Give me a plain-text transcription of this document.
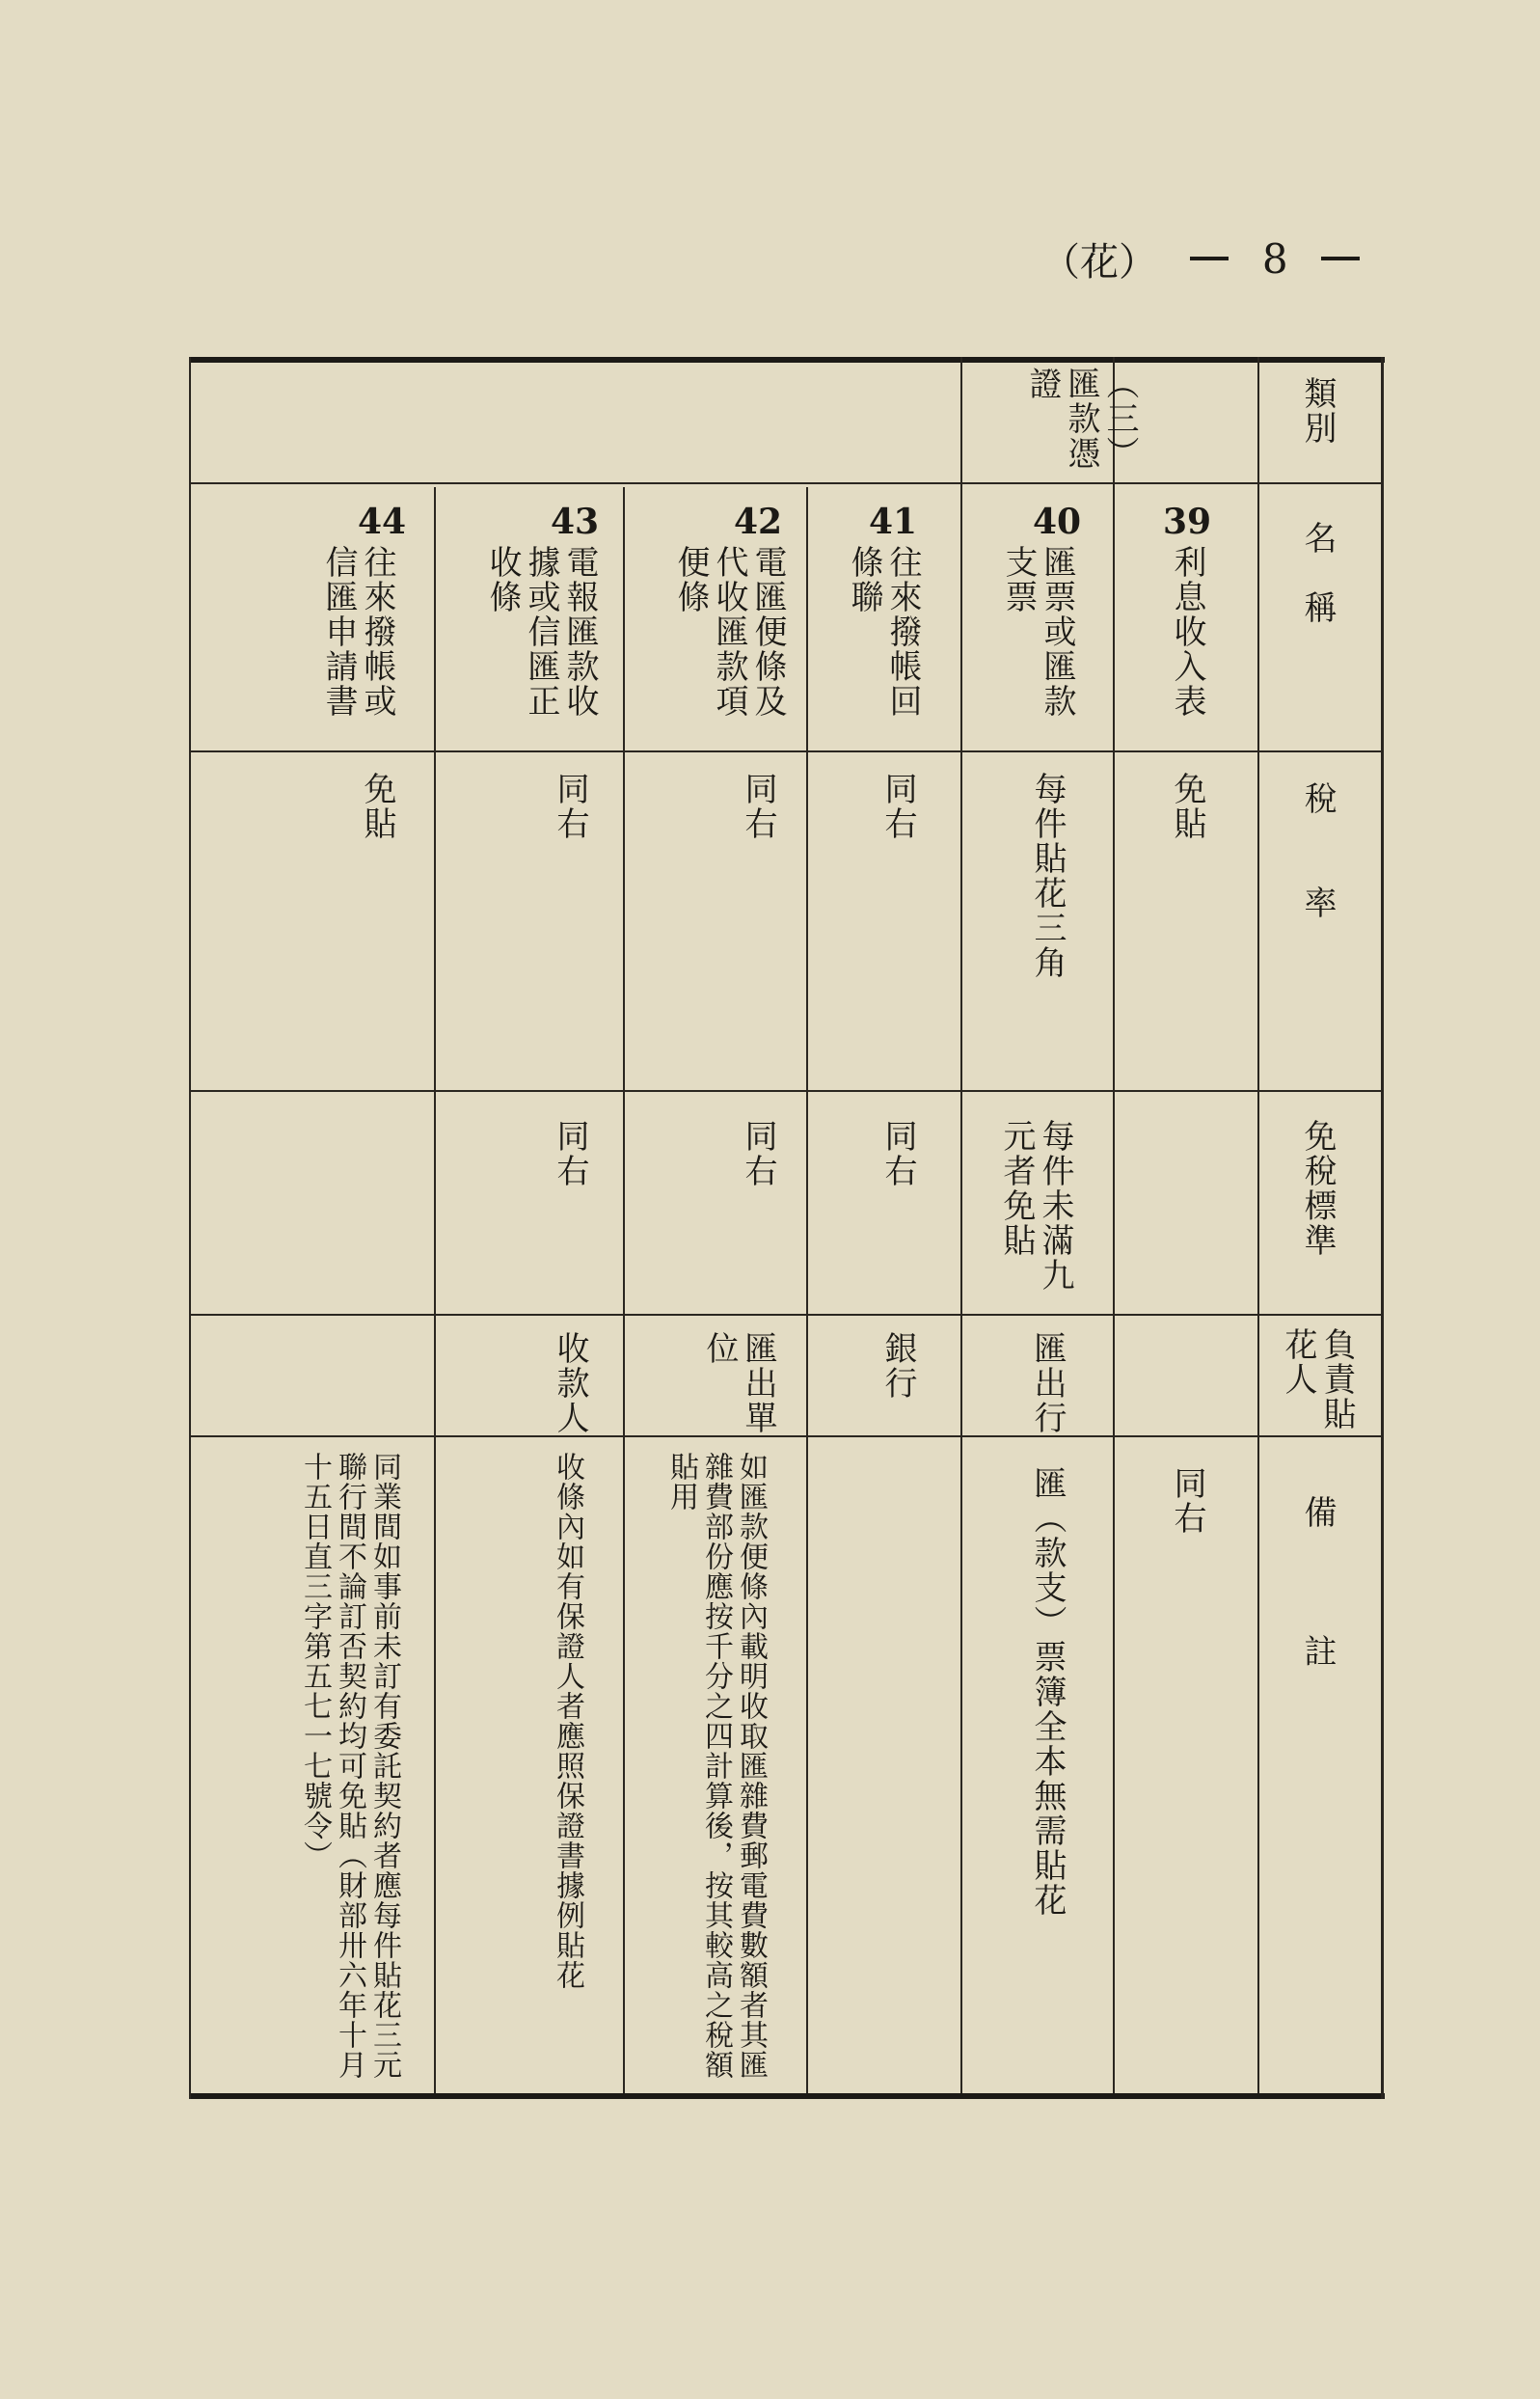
（花）	8
類別
名　稱
稅　　率
免稅標準
負責貼花人
備　　　註
（三）匯款憑證
39
利息收入表
免貼
同右
40
匯票或匯款支票
每件貼花三角
每件未滿九元者免貼
匯出行
匯（款支）票簿全本無需貼花
41
往來撥帳回條聯
同右
同右
銀行
42
電匯便條及代收匯款項便條
同右
同右
匯出單位
如匯款便條內載明收取匯雜費郵電費數額者其匯雜費部份應按千分之四計算後，按其較高之稅額貼用
43
電報匯款收據或信匯正收條
同右
同右
收款人
收條內如有保證人者應照保證書據例貼花
44
往來撥帳或信匯申請書
免貼
同業間如事前未訂有委託契約者應每件貼花三元聯行間不論訂否契約均可免貼（財部卅六年十月十五日直三字第五七一七號令）
